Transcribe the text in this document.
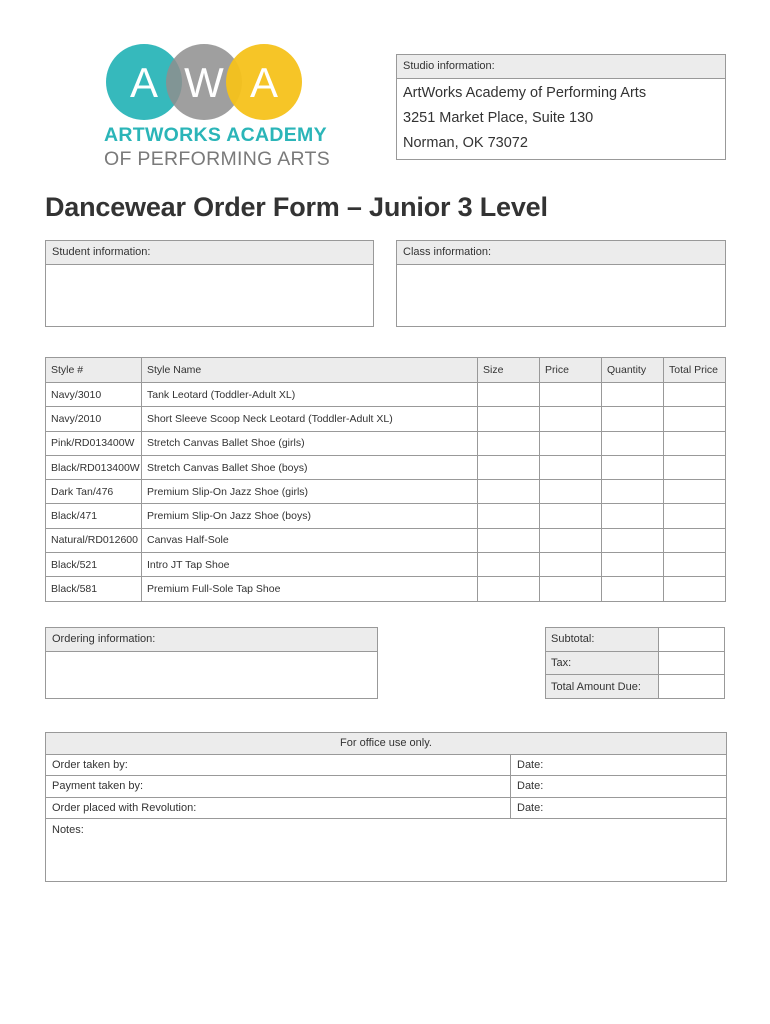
A W A
ARTWORKS ACADEMY
OF PERFORMING ARTS
Studio information:
ArtWorks Academy of Performing Arts
3251 Market Place, Suite 130
Norman, OK 73072
Dancewear Order Form – Junior 3 Level
Student information:	Class information:
Style #	Style Name	Size	Price	Quantity	Total Price
Navy/3010	Tank Leotard (Toddler-Adult XL)				
Navy/2010	Short Sleeve Scoop Neck Leotard (Toddler-Adult XL)				
Pink/RD013400W	Stretch Canvas Ballet Shoe (girls)				
Black/RD013400W	Stretch Canvas Ballet Shoe (boys)				
Dark Tan/476	Premium Slip-On Jazz Shoe (girls)				
Black/471	Premium Slip-On Jazz Shoe (boys)				
Natural/RD012600	Canvas Half-Sole				
Black/521	Intro JT Tap Shoe				
Black/581	Premium Full-Sole Tap Shoe				
Ordering information:	Subtotal:	
Tax:	
Total Amount Due:	
For office use only.	
Order taken by:	Date:
Payment taken by:	Date:
Order placed with Revolution:	Date:
Notes:	
